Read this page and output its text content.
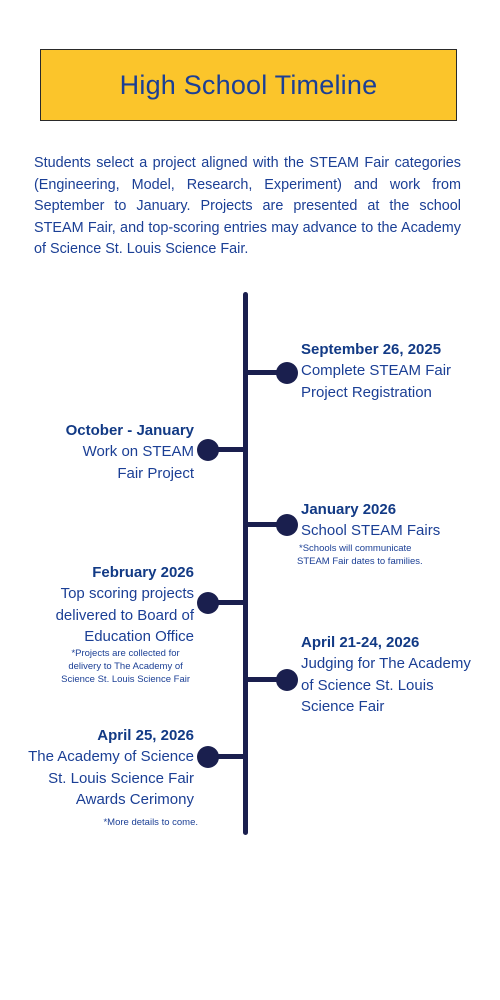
High School Timeline

Students select a project aligned with the STEAM Fair categories (Engineering, Model, Research, Experiment) and work from September to January. Projects are presented at the school STEAM Fair, and top-scoring entries may advance to the Academy of Science St. Louis Science Fair.

September 26, 2025
Complete STEAM Fair
Project Registration
October - January
Work on STEAM
Fair Project
January 2026
School STEAM Fairs
*Schools will communicate
STEAM Fair dates to families.
February 2026
Top scoring projects
delivered to Board of
Education Office
*Projects are collected for
delivery to The Academy of
Science St. Louis Science Fair
April 21-24, 2026
Judging for The Academy
of Science St. Louis
Science Fair
April 25, 2026
The Academy of Science
St. Louis Science Fair
Awards Cerimony
*More details to come.
